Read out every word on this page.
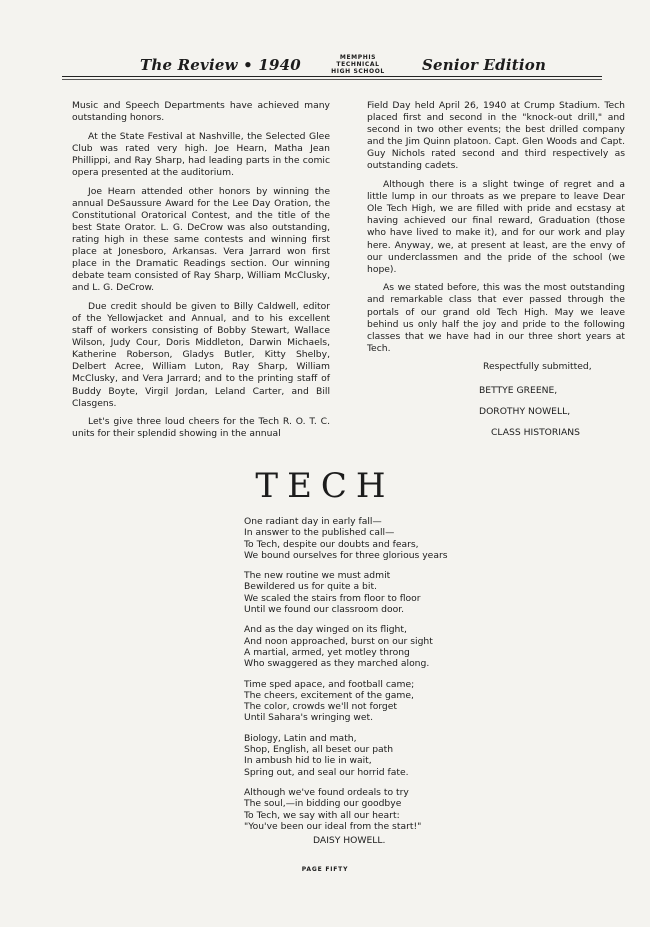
The Review • 1940	MEMPHIS
TECHNICAL
HIGH SCHOOL Senior Edition

Music and Speech Departments have achieved many outstanding honors.

At the State Festival at Nashville, the Selected Glee Club was rated very high. Joe Hearn, Matha Jean Phillippi, and Ray Sharp, had leading parts in the comic opera presented at the auditorium.

Joe Hearn attended other honors by winning the annual DeSaussure Award for the Lee Day Oration, the Constitutional Oratorical Contest, and the title of the best State Orator. L. G. DeCrow was also outstanding, rating high in these same contests and winning first place at Jonesboro, Arkansas. Vera Jarrard won first place in the Dramatic Readings section. Our winning debate team consisted of Ray Sharp, William McClusky, and L. G. DeCrow.

Due credit should be given to Billy Caldwell, editor of the Yellowjacket and Annual, and to his excellent staff of workers consisting of Bobby Stewart, Wallace Wilson, Judy Cour, Doris Middleton, Darwin Michaels, Katherine Roberson, Gladys Butler, Kitty Shelby, Delbert Acree, William Luton, Ray Sharp, William McClusky, and Vera Jarrard; and to the printing staff of Buddy Boyte, Virgil Jordan, Leland Carter, and Bill Clasgens.

Let's give three loud cheers for the Tech R. O. T. C. units for their splendid showing in the annual

Field Day held April 26, 1940 at Crump Stadium. Tech placed first and second in the "knock-out drill," and second in two other events; the best drilled company and the Jim Quinn platoon. Capt. Glen Woods and Capt. Guy Nichols rated second and third respectively as outstanding cadets.

Although there is a slight twinge of regret and a little lump in our throats as we prepare to leave Dear Ole Tech High, we are filled with pride and ecstasy at having achieved our final reward, Graduation (those who have lived to make it), and for our work and play here. Anyway, we, at present at least, are the envy of our underclassmen and the pride of the school (we hope).

As we stated before, this was the most outstanding and remarkable class that ever passed through the portals of our grand old Tech High. May we leave behind us only half the joy and pride to the following classes that we have had in our three short years at Tech.

Respectfully submitted,
BETTYE GREENE,
DOROTHY NOWELL,
CLASS HISTORIANS
TECH
One radiant day in early fall—
In answer to the published call—
To Tech, despite our doubts and fears,
We bound ourselves for three glorious years
The new routine we must admit
Bewildered us for quite a bit.
We scaled the stairs from floor to floor
Until we found our classroom door.
And as the day winged on its flight,
And noon approached, burst on our sight
A martial, armed, yet motley throng
Who swaggered as they marched along.
Time sped apace, and football came;
The cheers, excitement of the game,
The color, crowds we'll not forget
Until Sahara's wringing wet.
Biology, Latin and math,
Shop, English, all beset our path
In ambush hid to lie in wait,
Spring out, and seal our horrid fate.
Although we've found ordeals to try
The soul,—in bidding our goodbye
To Tech, we say with all our heart:
"You've been our ideal from the start!"
DAISY HOWELL.
PAGE FIFTY
